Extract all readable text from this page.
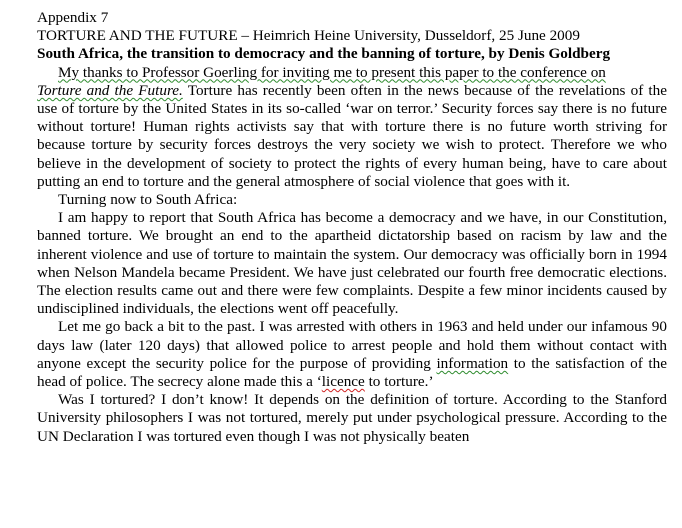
Appendix 7

TORTURE AND THE FUTURE – Heimrich Heine University, Dusseldorf, 25 June 2009

South Africa, the transition to democracy and the banning of torture, by Denis Goldberg

My thanks to Professor Goerling for inviting me to present this paper to the conference on
Torture and the Future. Torture has recently been often in the news because of the revelations of the use of torture by the United States in its so-called ‘war on terror.’ Security forces say there is no future without torture! Human rights activists say that with torture there is no future worth striving for because torture by security forces destroys the very society we wish to protect. Therefore we who believe in the development of society to protect the rights of every human being, have to care about putting an end to torture and the general atmosphere of social violence that goes with it.

Turning now to South Africa:

I am happy to report that South Africa has become a democracy and we have, in our Constitution, banned torture. We brought an end to the apartheid dictatorship based on racism by law and the inherent violence and use of torture to maintain the system. Our democracy was officially born in 1994 when Nelson Mandela became President. We have just celebrated our fourth free democratic elections. The election results came out and there were few complaints. Despite a few minor incidents caused by undisciplined individuals, the elections went off peacefully.

Let me go back a bit to the past. I was arrested with others in 1963 and held under our infamous 90 days law (later 120 days) that allowed police to arrest people and hold them without contact with anyone except the security police for the purpose of providing information to the satisfaction of the head of police. The secrecy alone made this a ‘licence to torture.’

Was I tortured? I don’t know! It depends on the definition of torture. According to the Stanford University philosophers I was not tortured, merely put under psychological pressure. According to the UN Declaration I was tortured even though I was not physically beaten
